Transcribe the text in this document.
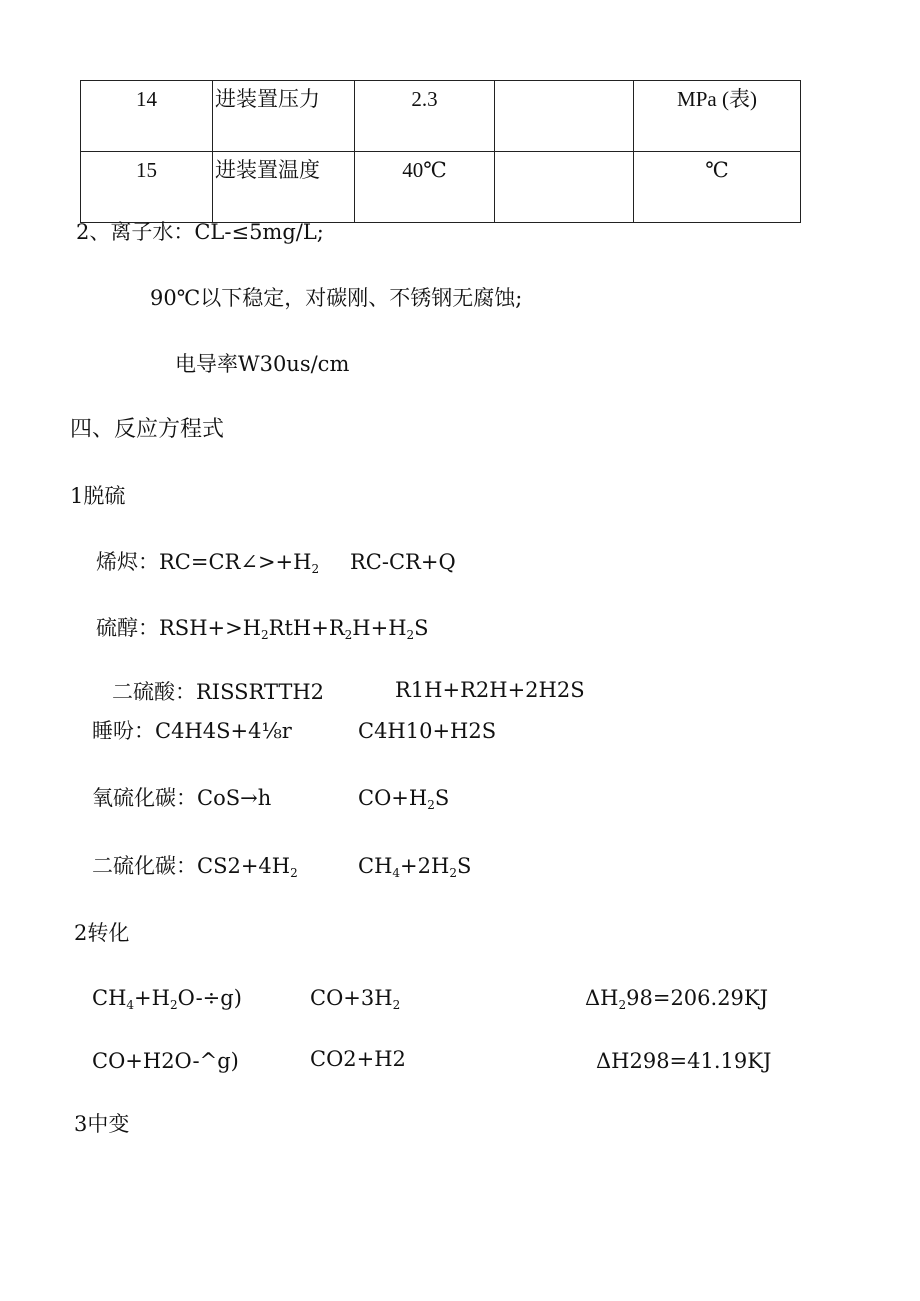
14	进装置压力	2.3		MPa (表)
15	进装置温度	40℃		℃
2、离子水：CL-≤5mg/L;
90℃以下稳定，对碳刚、不锈钢无腐蚀;
电导率W30us/cm
四、反应方程式
1脱硫
烯烬：$RC=CR\angle>+H_2$ RC-CR+Q
硫醇：$RSH+>H_2RtH+R_2H+H_2S$
二硫酸：RISSRTTH2	R1H+R2H+2H2S
睡吩：C4H4S+4⅛r	C4H10+H2S
氧硫化碳：CoS→h	$CO+H_2S$
二硫化碳：$CS2+4H_2$	$CH_4+2H_2S$
2转化
$CH_4+H_2O-\div g$)	$CO+3H_2$	$\Delta H_298=206.29KJ$
CO+H2O-^g)	CO2+H2	ΔH298=41.19KJ
3中变
